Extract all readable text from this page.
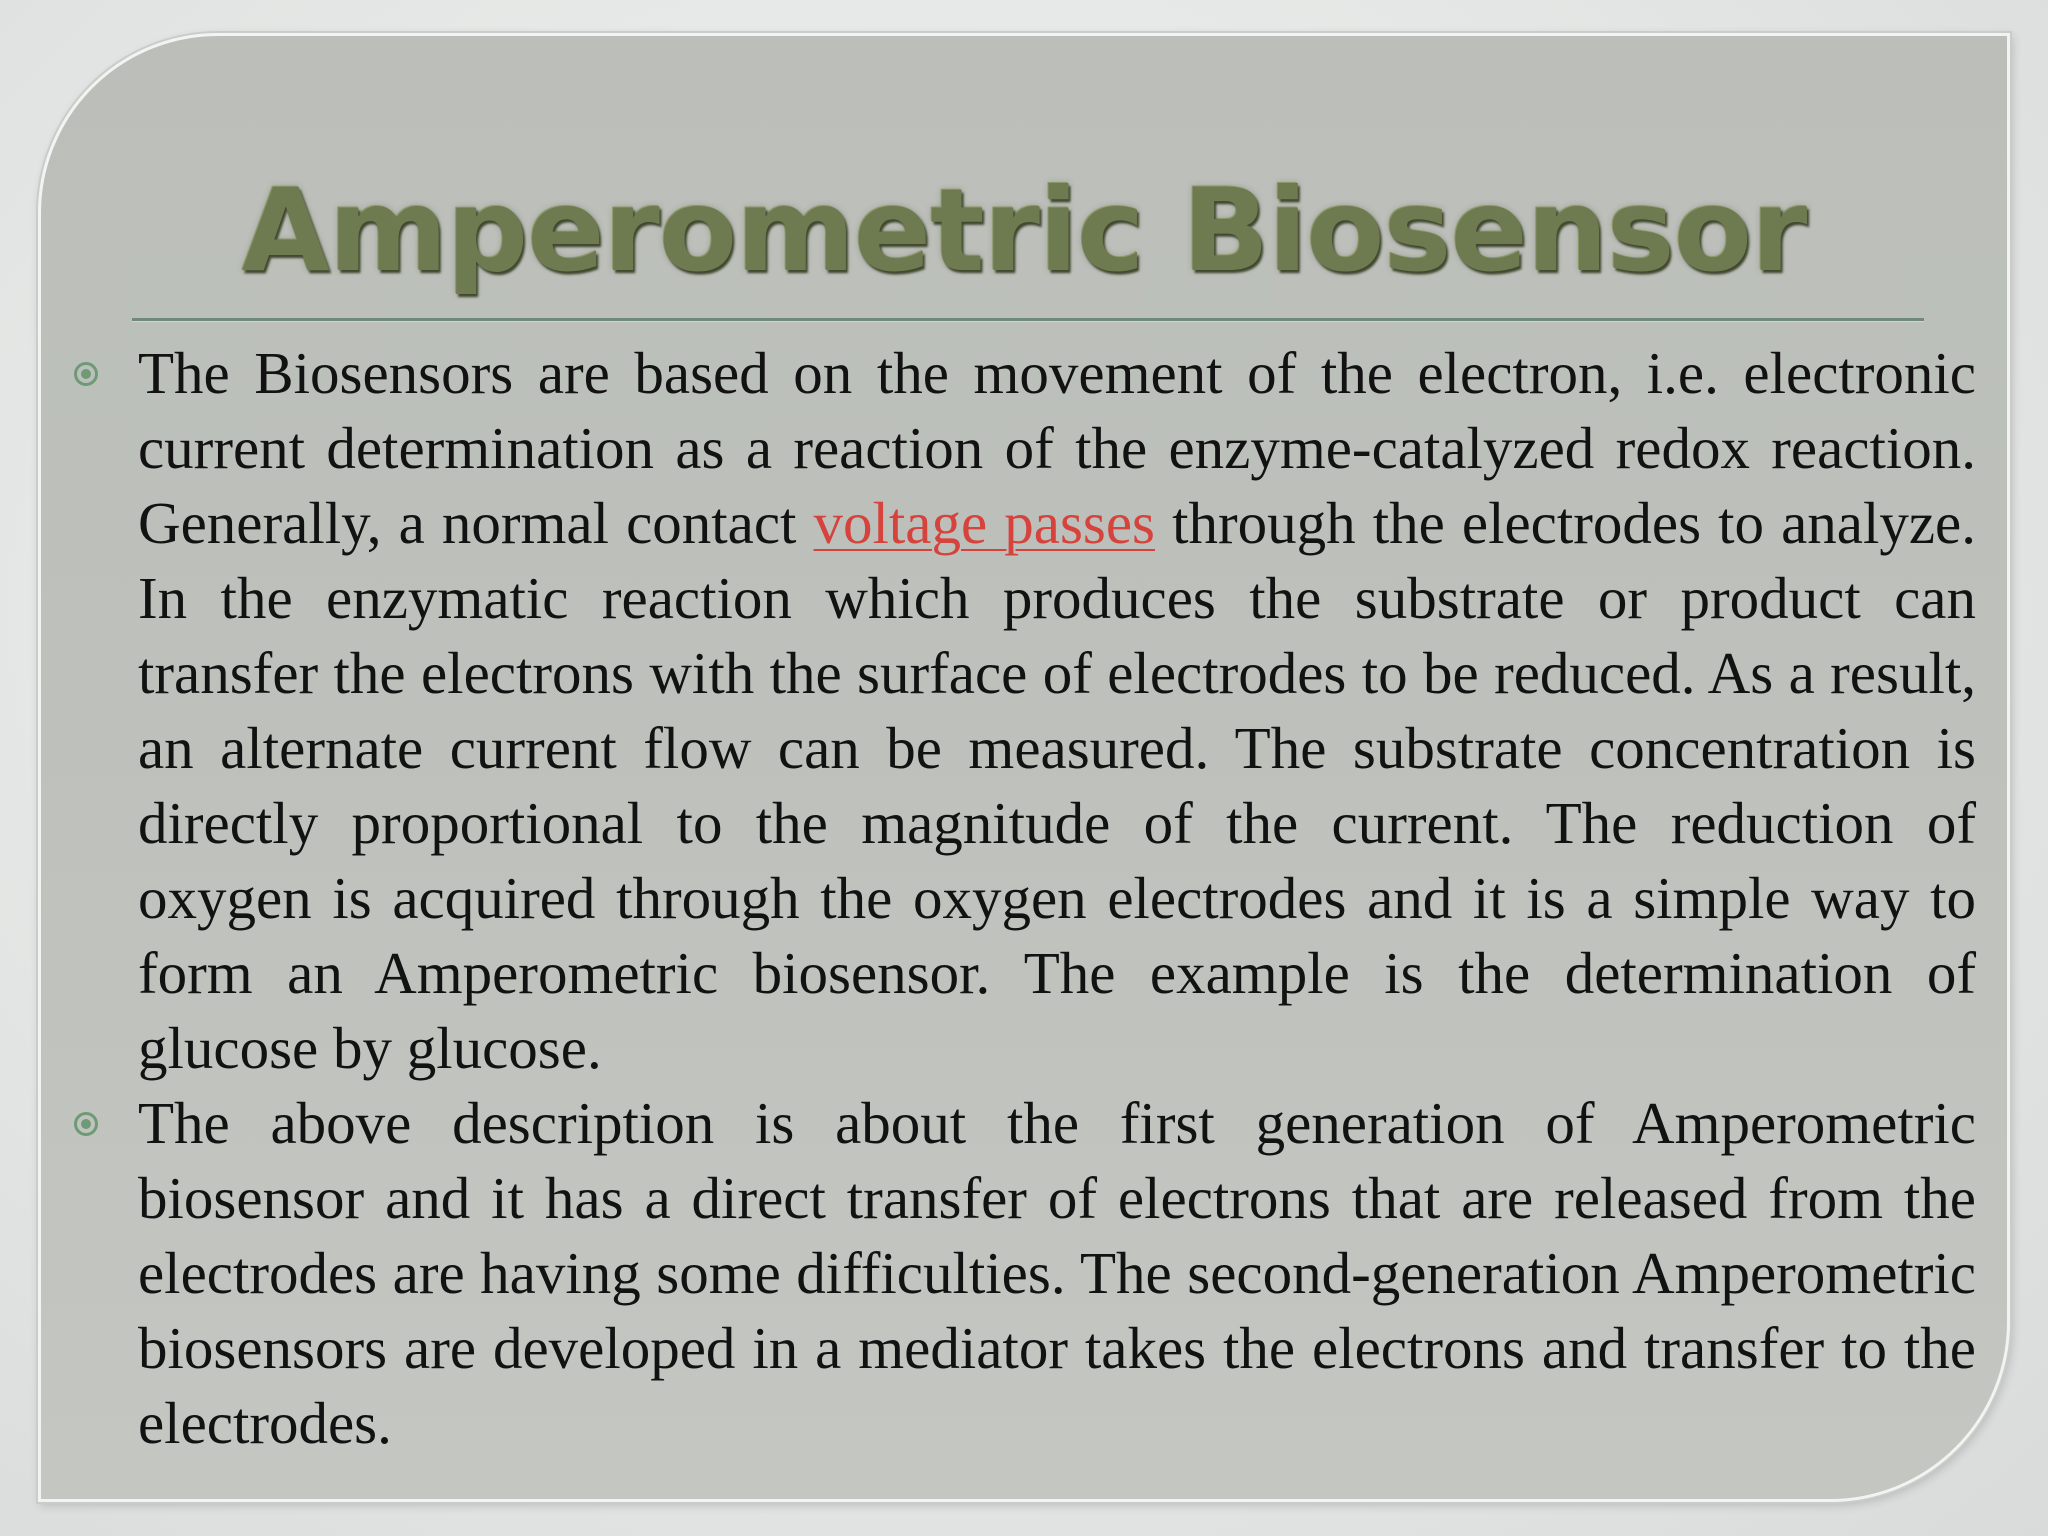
Amperometric Biosensor

The Biosensors are based on the movement of the electron, i.e. electronic current determination as a reaction of the enzyme-catalyzed redox reaction. Generally, a normal contact voltage passes through the electrodes to analyze. In the enzymatic reaction which produces the substrate or product can transfer the electrons with the surface of electrodes to be reduced. As a result, an alternate current flow can be measured. The substrate concentration is directly proportional to the magnitude of the current. The reduction of oxygen is acquired through the oxygen electrodes and it is a simple way to form an Amperometric biosensor. The example is the determination of glucose by glucose.

The above description is about the first generation of Amperometric biosensor and it has a direct transfer of electrons that are released from the electrodes are having some difficulties. The second-generation Amperometric biosensors are developed in a mediator takes the electrons and transfer to the electrodes.
